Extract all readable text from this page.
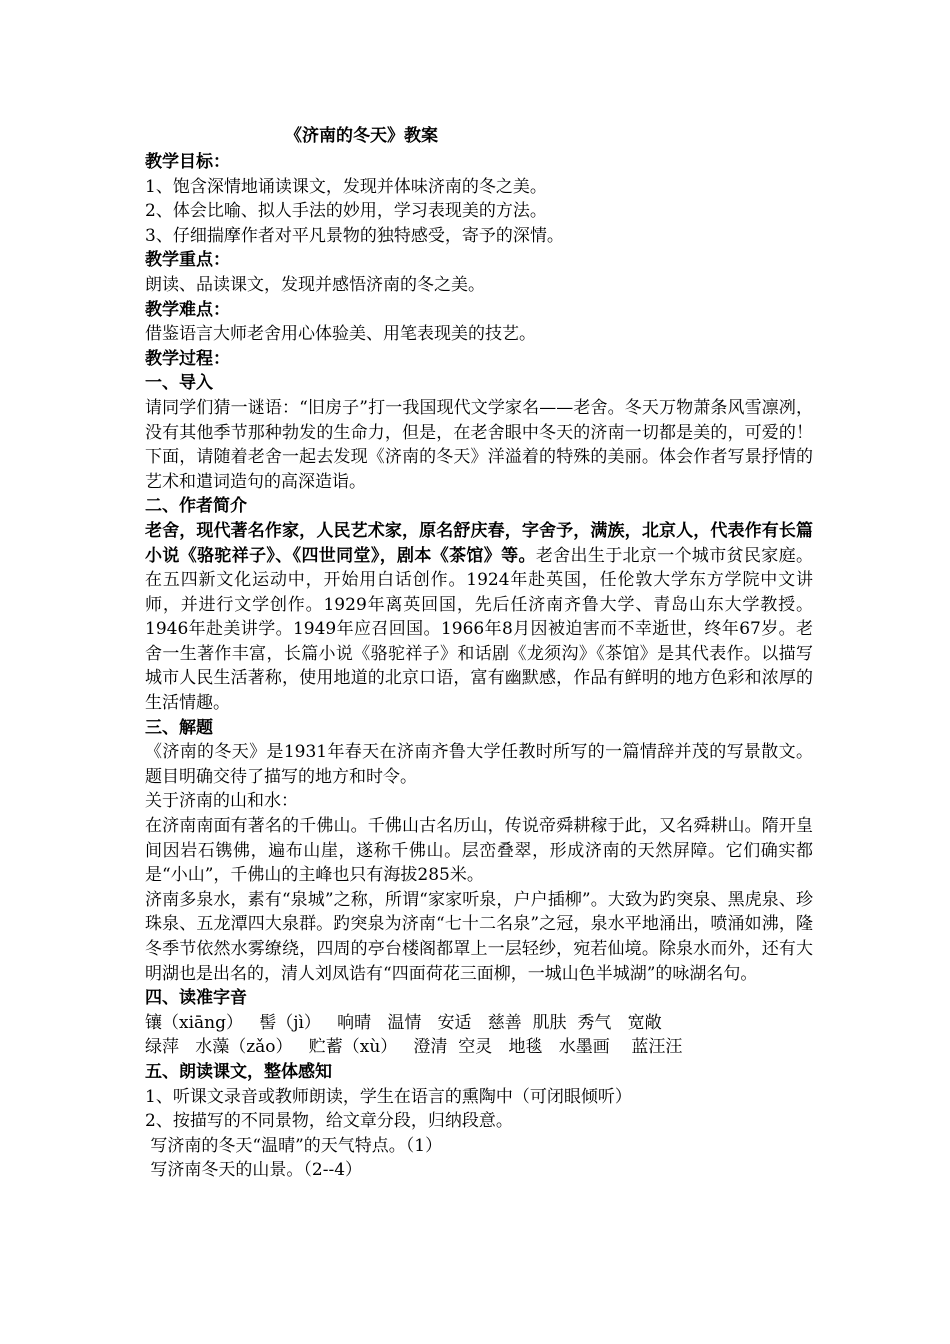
《济南的冬天》教案
教学目标：
1、饱含深情地诵读课文，发现并体味济南的冬之美。
2、体会比喻、拟人手法的妙用，学习表现美的方法。
3、仔细揣摩作者对平凡景物的独特感受，寄予的深情。
教学重点：
朗读、品读课文，发现并感悟济南的冬之美。
教学难点：
借鉴语言大师老舍用心体验美、用笔表现美的技艺。
教学过程：
一、导入
请同学们猜一谜语：“旧房子”打一我国现代文学家名——老舍。冬天万物萧条风雪凛冽，没有其他季节那种勃发的生命力，但是，在老舍眼中冬天的济南一切都是美的，可爱的！下面，请随着老舍一起去发现《济南的冬天》洋溢着的特殊的美丽。体会作者写景抒情的艺术和遣词造句的高深造诣。
二、作者简介
老舍，现代著名作家，人民艺术家，原名舒庆春，字舍予，满族，北京人，代表作有长篇小说《骆驼祥子》、《四世同堂》，剧本《茶馆》等。老舍出生于北京一个城市贫民家庭。在五四新文化运动中，开始用白话创作。1924年赴英国，任伦敦大学东方学院中文讲师，并进行文学创作。1929年离英回国，先后任济南齐鲁大学、青岛山东大学教授。1946年赴美讲学。1949年应召回国。1966年8月因被迫害而不幸逝世，终年67岁。老舍一生著作丰富，长篇小说《骆驼祥子》和话剧《龙须沟》《茶馆》是其代表作。以描写城市人民生活著称，使用地道的北京口语，富有幽默感，作品有鲜明的地方色彩和浓厚的生活情趣。
三、解题
《济南的冬天》是1931年春天在济南齐鲁大学任教时所写的一篇情辞并茂的写景散文。题目明确交待了描写的地方和时令。
关于济南的山和水：
在济南南面有著名的千佛山。千佛山古名历山，传说帝舜耕稼于此，又名舜耕山。隋开皇间因岩石镌佛，遍布山崖，遂称千佛山。层峦叠翠，形成济南的天然屏障。它们确实都是“小山”，千佛山的主峰也只有海拔285米。
济南多泉水，素有“泉城”之称，所谓“家家听泉，户户插柳”。大致为趵突泉、黑虎泉、珍珠泉、五龙潭四大泉群。趵突泉为济南“七十二名泉”之冠，泉水平地涌出，喷涌如沸，隆冬季节依然水雾缭绕，四周的亭台楼阁都罩上一层轻纱，宛若仙境。除泉水而外，还有大明湖也是出名的，清人刘凤诰有“四面荷花三面柳，一城山色半城湖”的咏湖名句。
四、读准字音
镶（xiāng）   髻（jì）   响晴   温情   安适   慈善  肌肤  秀气   宽敞
绿萍   水藻（zǎo）   贮蓄（xù）   澄清  空灵   地毯   水墨画    蓝汪汪
五、朗读课文，整体感知
1、听课文录音或教师朗读，学生在语言的熏陶中（可闭眼倾听）
2、按描写的不同景物，给文章分段，归纳段意。
写济南的冬天“温晴”的天气特点。（1）
写济南冬天的山景。（2--4）
